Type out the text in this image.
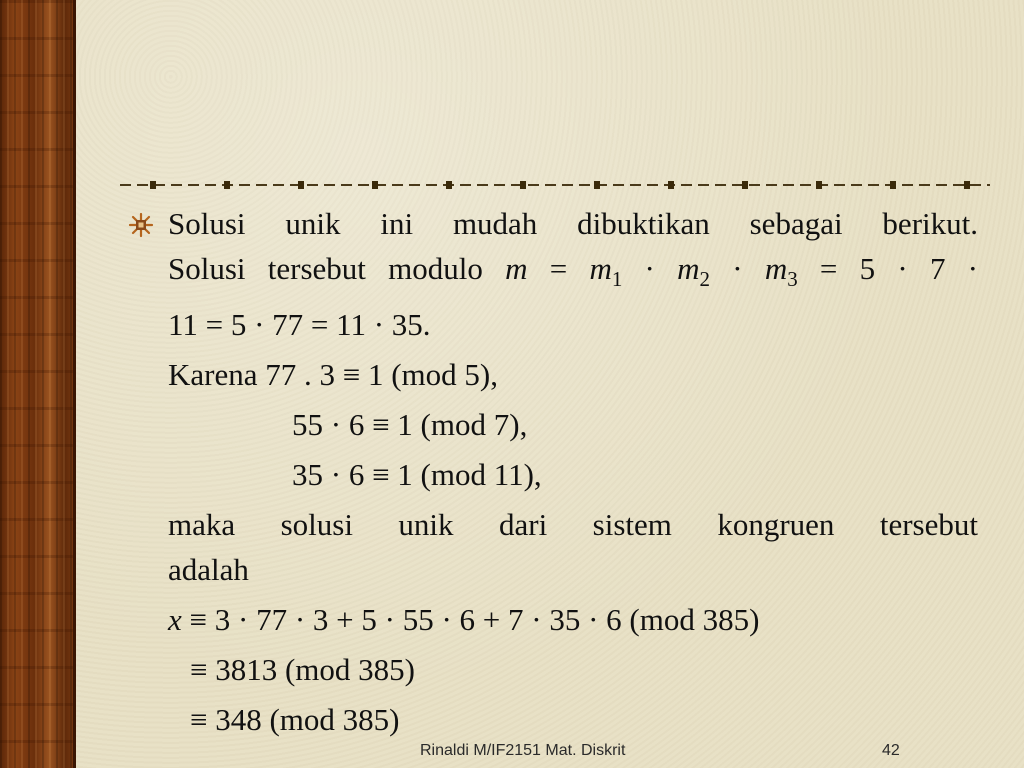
Solusi unik ini mudah dibuktikan sebagai berikut.

Solusi tersebut modulo $m = m_1 \cdot m_2 \cdot m_3 = 5 \cdot 7$ ·

11 = 5 · 77 = 11 · 35.

Karena 77 . 3 ≡ 1 (mod 5),

55 · 6 ≡ 1 (mod 7),

35 · 6 ≡ 1 (mod 11),

maka solusi unik dari sistem kongruen tersebut

adalah

x ≡ 3 · 77 · 3 + 5 · 55 · 6 + 7 · 35 · 6 (mod 385)

≡ 3813 (mod 385)

≡ 348 (mod 385)

Rinaldi M/IF2151 Mat. Diskrit	42
